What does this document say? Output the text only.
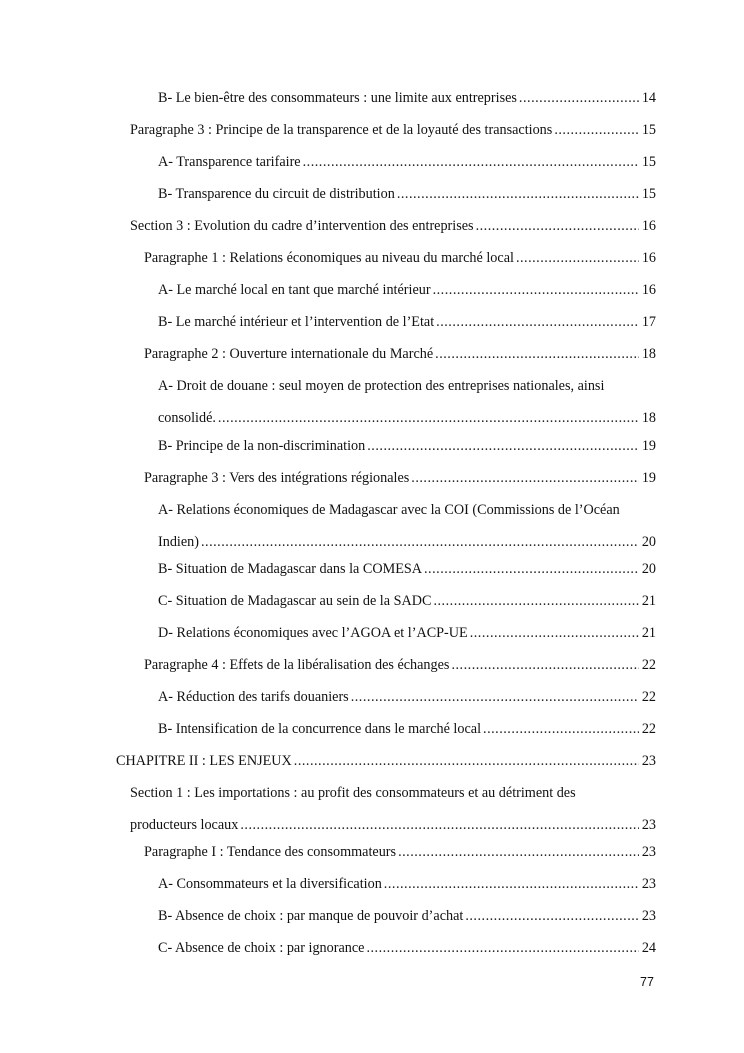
B- Le bien-être des consommateurs : une limite aux entreprises .....	14
Paragraphe 3 : Principe de la transparence et de la loyauté des transactions .....	15
A- Transparence tarifaire .....	15
B- Transparence du circuit de distribution .....	15
Section 3 : Evolution du cadre d’intervention des entreprises .....	16
Paragraphe 1 : Relations économiques au niveau du marché local .....	16
A- Le marché local en tant que marché intérieur .....	16
B- Le marché intérieur et l’intervention de l’Etat .....	17
Paragraphe 2 : Ouverture internationale du Marché .....	18
A- Droit de douane : seul moyen de protection des entreprises nationales, ainsi
consolidé. .....	18
B- Principe de la non-discrimination .....	19
Paragraphe 3 : Vers des intégrations régionales .....	19
A- Relations économiques de Madagascar avec la COI (Commissions de l’Océan
Indien) .....	20
B- Situation de Madagascar dans la COMESA .....	20
C- Situation de Madagascar au sein de la SADC .....	21
D- Relations économiques avec l’AGOA et l’ACP-UE .....	21
Paragraphe 4 : Effets de la libéralisation des échanges .....	22
A- Réduction des tarifs douaniers .....	22
B- Intensification de la concurrence dans le marché local .....	22
CHAPITRE II : LES ENJEUX .....	23
Section 1 : Les importations : au profit des consommateurs et au détriment des
producteurs locaux .....	23
Paragraphe I : Tendance des consommateurs .....	23
A- Consommateurs et la diversification .....	23
B- Absence de choix : par manque de pouvoir d’achat .....	23
C- Absence de choix : par ignorance .....	24
77
